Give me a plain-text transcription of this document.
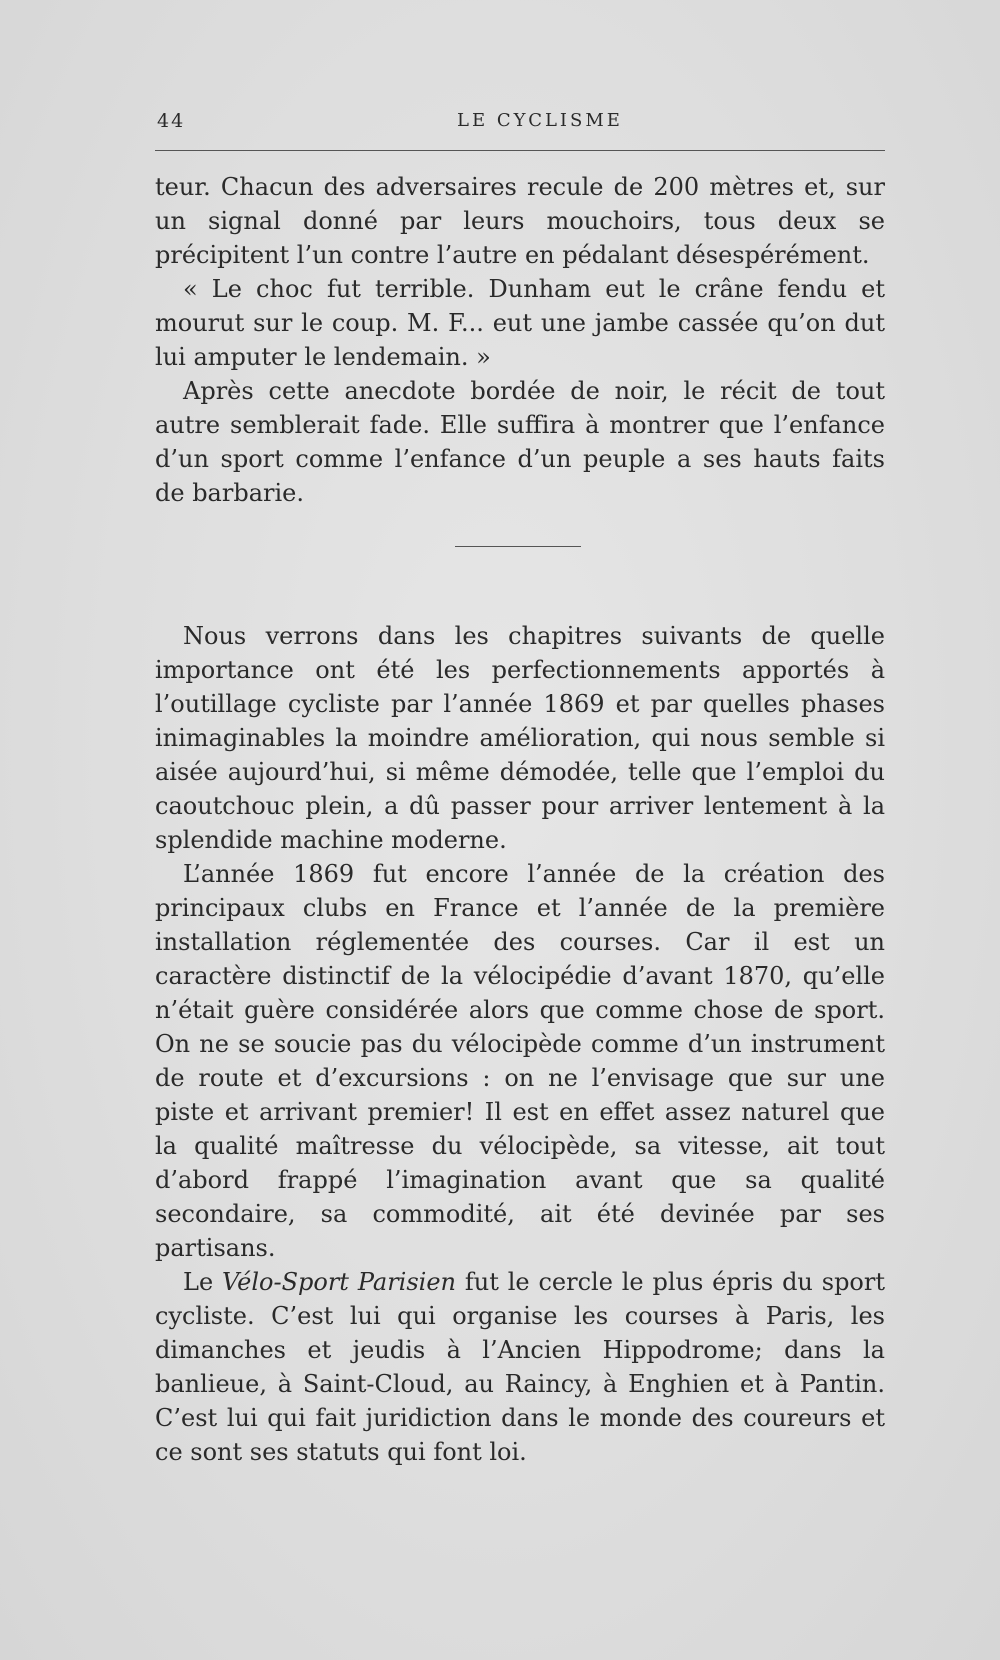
44	LE CYCLISME

teur. Chacun des adversaires recule de 200 mètres et, sur un signal donné par leurs mouchoirs, tous deux se précipitent l’un contre l’autre en pédalant désespérément.

« Le choc fut terrible. Dunham eut le crâne fendu et mourut sur le coup. M. F... eut une jambe cassée qu’on dut lui amputer le lendemain. »

Après cette anecdote bordée de noir, le récit de tout autre semblerait fade. Elle suffira à montrer que l’enfance d’un sport comme l’enfance d’un peuple a ses hauts faits de barbarie.

Nous verrons dans les chapitres suivants de quelle importance ont été les perfectionnements apportés à l’outillage cycliste par l’année 1869 et par quelles phases inimaginables la moindre amélioration, qui nous semble si aisée aujourd’hui, si même démodée, telle que l’emploi du caoutchouc plein, a dû passer pour arriver lentement à la splendide machine moderne.

L’année 1869 fut encore l’année de la création des principaux clubs en France et l’année de la première installation réglementée des courses. Car il est un caractère distinctif de la vélocipédie d’avant 1870, qu’elle n’était guère considérée alors que comme chose de sport. On ne se soucie pas du vélocipède comme d’un instrument de route et d’excursions : on ne l’envisage que sur une piste et arrivant premier! Il est en effet assez naturel que la qualité maîtresse du vélocipède, sa vitesse, ait tout d’abord frappé l’imagination avant que sa qualité secondaire, sa commodité, ait été devinée par ses partisans.

Le Vélo-Sport Parisien fut le cercle le plus épris du sport cycliste. C’est lui qui organise les courses à Paris, les dimanches et jeudis à l’Ancien Hippodrome; dans la banlieue, à Saint-Cloud, au Raincy, à Enghien et à Pantin. C’est lui qui fait juridiction dans le monde des coureurs et ce sont ses statuts qui font loi.
